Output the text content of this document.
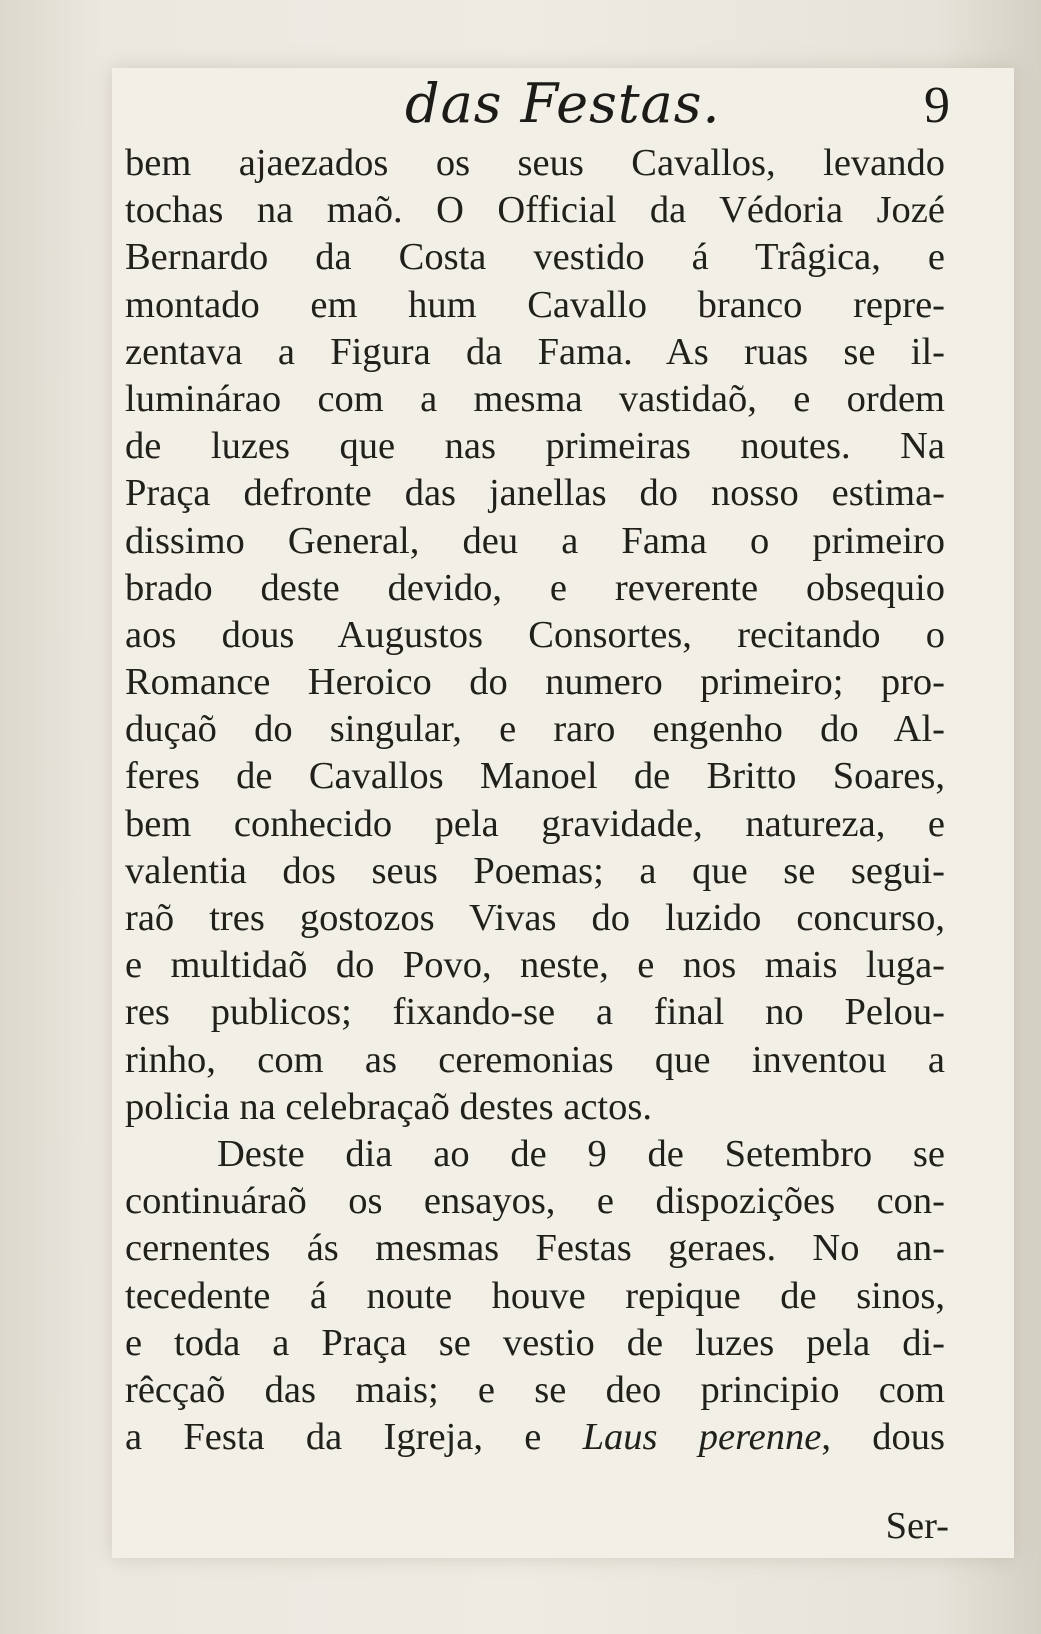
das Festas.	9
bem ajaezados os seus Cavallos, levando
tochas na maõ. O Official da Védoria Jozé
Bernardo da Costa vestido á Trâgica, e
montado em hum Cavallo branco repre-
zentava a Figura da Fama. As ruas se il-
luminárao com a mesma vastidaõ, e ordem
de luzes que nas primeiras noutes. Na
Praça defronte das janellas do nosso estima-
dissimo General, deu a Fama o primeiro
brado deste devido, e reverente obsequio
aos dous Augustos Consortes, recitando o
Romance Heroico do numero primeiro; pro-
duçaõ do singular, e raro engenho do Al-
feres de Cavallos Manoel de Britto Soares,
bem conhecido pela gravidade, natureza, e
valentia dos seus Poemas; a que se segui-
raõ tres gostozos Vivas do luzido concurso,
e multidaõ do Povo, neste, e nos mais luga-
res publicos; fixando-se a final no Pelou-
rinho, com as ceremonias que inventou a
policia na celebraçaõ destes actos.
Deste dia ao de 9 de Setembro se
continuáraõ os ensayos, e dispozições con-
cernentes ás mesmas Festas geraes. No an-
tecedente á noute houve repique de sinos,
e toda a Praça se vestio de luzes pela di-
rêcçaõ das mais; e se deo principio com
a Festa da Igreja, e Laus perenne, dous
Ser-
